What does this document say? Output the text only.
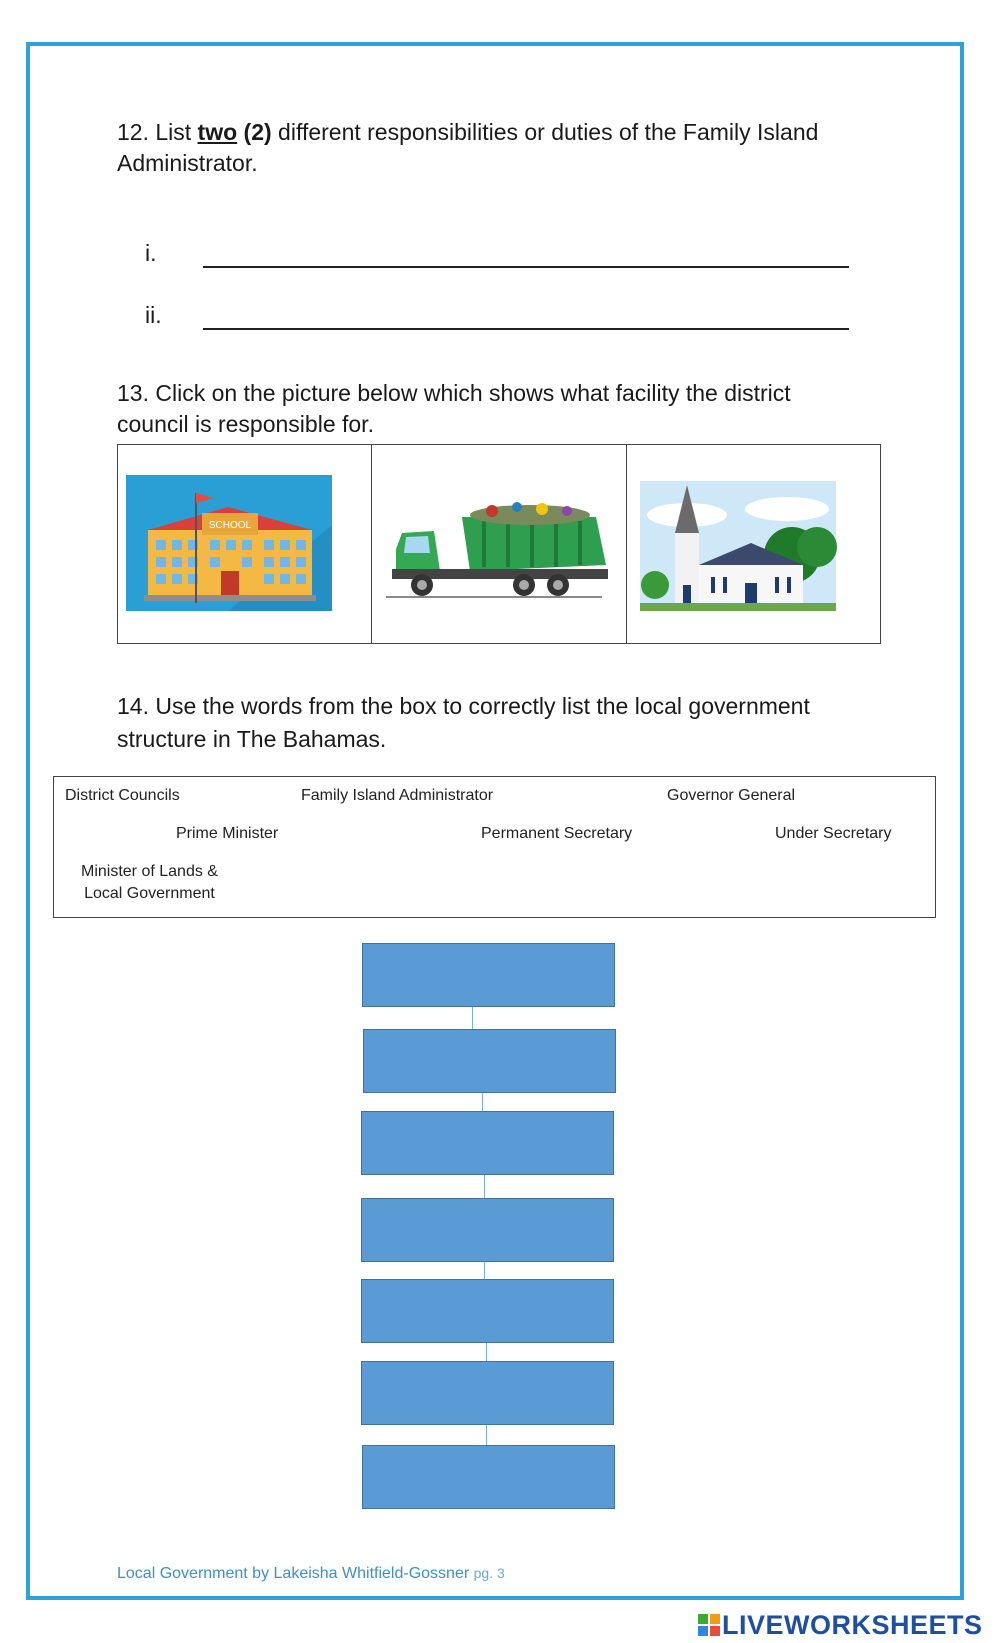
12. List two (2) different responsibilities or duties of the Family Island Administrator.
i.
ii.
13. Click on the picture below which shows what facility the district council is responsible for.
SCHOOL
14. Use the words from the box to correctly list the local government structure in The Bahamas.
District Councils	Family Island Administrator	Governor General
Prime Minister	Permanent Secretary	Under Secretary
Minister of Lands &
Local Government
Local Government by Lakeisha Whitfield-Gossner pg. 3
LIVEWORKSHEETS
